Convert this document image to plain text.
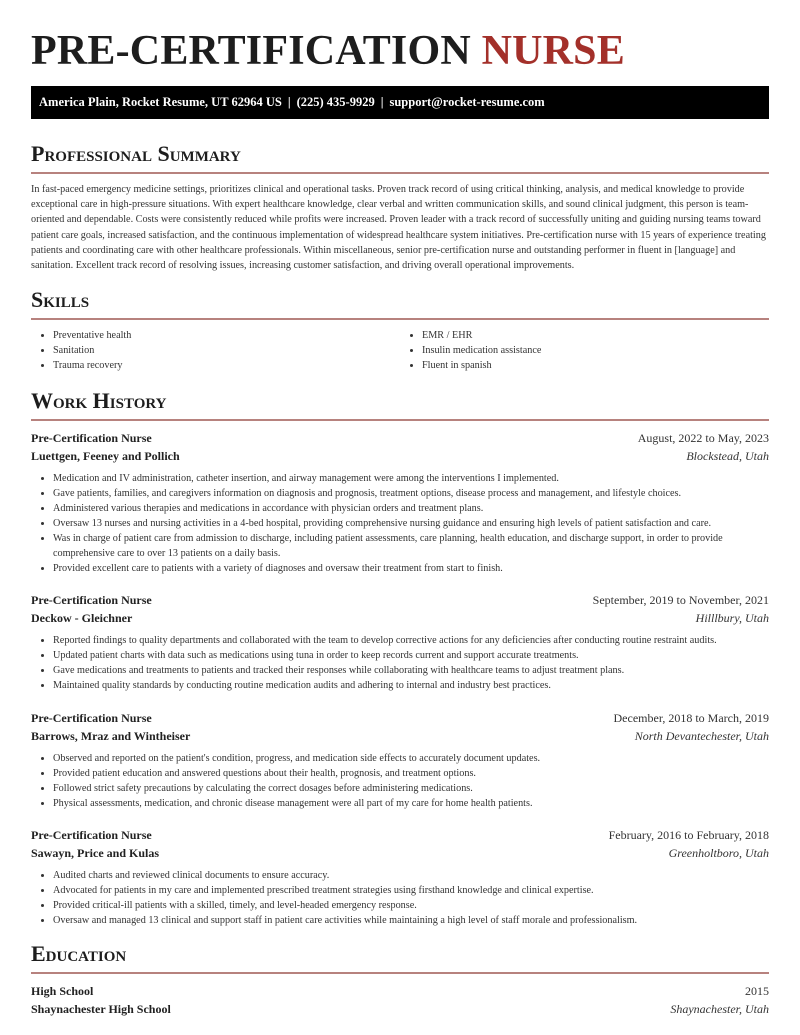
PRE-CERTIFICATION NURSE
America Plain, Rocket Resume, UT 62964 US | (225) 435-9929 | support@rocket-resume.com
Professional Summary

In fast-paced emergency medicine settings, prioritizes clinical and operational tasks. Proven track record of using critical thinking, analysis, and medical knowledge to provide exceptional care in high-pressure situations. With expert healthcare knowledge, clear verbal and written communication skills, and sound clinical judgment, this person is team-oriented and dependable. Costs were consistently reduced while profits were increased. Proven leader with a track record of successfully uniting and guiding nursing teams toward patient care goals, increased satisfaction, and the continuous implementation of widespread healthcare system initiatives. Pre-certification nurse with 15 years of experience treating patients and coordinating care with other healthcare professionals. Within miscellaneous, senior pre-certification nurse and outstanding performer in fluent in [language] and sanitation. Excellent track record of resolving issues, increasing customer satisfaction, and driving overall operational improvements.

Skills
• Preventative health
• Sanitation
• Trauma recovery
• EMR / EHR
• Insulin medication assistance
• Fluent in spanish
Work History
Pre-Certification Nurse	August, 2022 to May, 2023
Luettgen, Feeney and Pollich	Blockstead, Utah
• Medication and IV administration, catheter insertion, and airway management were among the interventions I implemented.
• Gave patients, families, and caregivers information on diagnosis and prognosis, treatment options, disease process and management, and lifestyle choices.
• Administered various therapies and medications in accordance with physician orders and treatment plans.
• Oversaw 13 nurses and nursing activities in a 4-bed hospital, providing comprehensive nursing guidance and ensuring high levels of patient satisfaction and care.
• Was in charge of patient care from admission to discharge, including patient assessments, care planning, health education, and discharge support, in order to provide comprehensive care to over 13 patients on a daily basis.
• Provided excellent care to patients with a variety of diagnoses and oversaw their treatment from start to finish.
Pre-Certification Nurse	September, 2019 to November, 2021
Deckow - Gleichner	Hilllbury, Utah
• Reported findings to quality departments and collaborated with the team to develop corrective actions for any deficiencies after conducting routine restraint audits.
• Updated patient charts with data such as medications using tuna in order to keep records current and support accurate treatments.
• Gave medications and treatments to patients and tracked their responses while collaborating with healthcare teams to adjust treatment plans.
• Maintained quality standards by conducting routine medication audits and adhering to internal and industry best practices.
Pre-Certification Nurse	December, 2018 to March, 2019
Barrows, Mraz and Wintheiser	North Devantechester, Utah
• Observed and reported on the patient's condition, progress, and medication side effects to accurately document updates.
• Provided patient education and answered questions about their health, prognosis, and treatment options.
• Followed strict safety precautions by calculating the correct dosages before administering medications.
• Physical assessments, medication, and chronic disease management were all part of my care for home health patients.
Pre-Certification Nurse	February, 2016 to February, 2018
Sawayn, Price and Kulas	Greenholtboro, Utah
• Audited charts and reviewed clinical documents to ensure accuracy.
• Advocated for patients in my care and implemented prescribed treatment strategies using firsthand knowledge and clinical expertise.
• Provided critical-ill patients with a skilled, timely, and level-headed emergency response.
• Oversaw and managed 13 clinical and support staff in patient care activities while maintaining a high level of staff morale and professionalism.
Education
High School	2015
Shaynachester High School	Shaynachester, Utah
